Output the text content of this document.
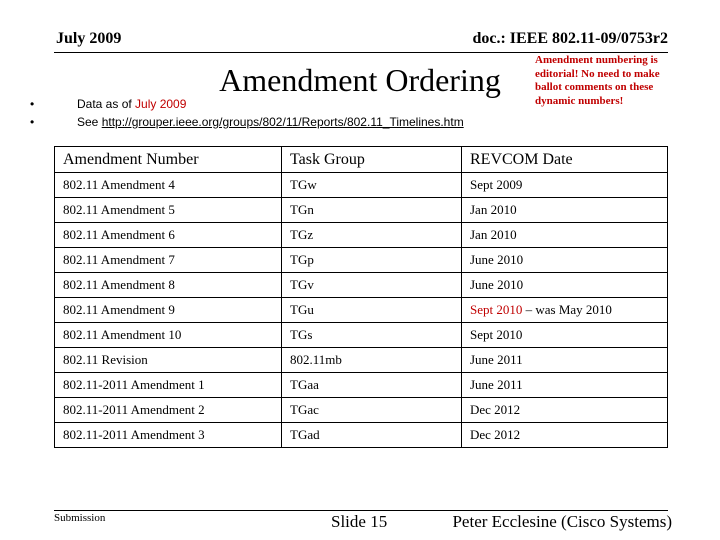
July 2009	doc.: IEEE 802.11-09/0753r2
Amendment Ordering
Amendment numbering is editorial! No need to make ballot comments on these dynamic numbers!
•	Data as of July 2009
•	See http://grouper.ieee.org/groups/802/11/Reports/802.11_Timelines.htm
Amendment Number	Task Group	REVCOM Date
802.11 Amendment 4	TGw	Sept 2009
802.11 Amendment 5	TGn	Jan 2010
802.11 Amendment 6	TGz	Jan 2010
802.11 Amendment 7	TGp	June 2010
802.11 Amendment 8	TGv	June 2010
802.11 Amendment 9	TGu	Sept 2010 – was May 2010
802.11 Amendment 10	TGs	Sept 2010
802.11 Revision	802.11mb	June 2011
802.11-2011 Amendment 1	TGaa	June 2011
802.11-2011 Amendment 2	TGac	Dec 2012
802.11-2011 Amendment 3	TGad	Dec 2012
Submission	Slide 15	Peter Ecclesine (Cisco Systems)
